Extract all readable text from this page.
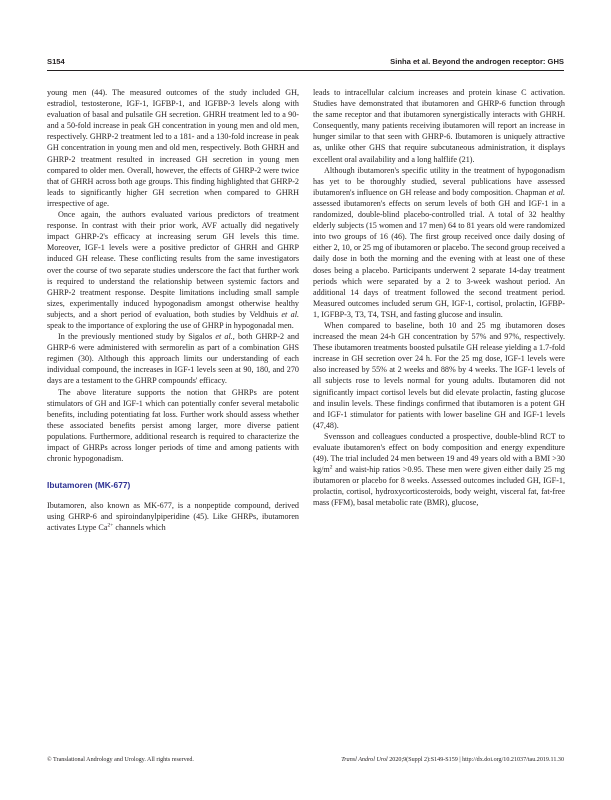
S154	Sinha et al. Beyond the androgen receptor: GHS

young men (44). The measured outcomes of the study included GH, estradiol, testosterone, IGF-1, IGFBP-1, and IGFBP-3 levels along with evaluation of basal and pulsatile GH secretion. GHRH treatment led to a 90- and a 50-fold increase in peak GH concentration in young men and old men, respectively. GHRP-2 treatment led to a 181- and a 130-fold increase in peak GH concentration in young men and old men, respectively. Both GHRH and GHRP-2 treatment resulted in increased GH secretion in young men compared to older men. Overall, however, the effects of GHRP-2 were twice that of GHRH across both age groups. This finding highlighted that GHRP-2 leads to significantly higher GH secretion when compared to GHRH irrespective of age.

Once again, the authors evaluated various predictors of treatment response. In contrast with their prior work, AVF actually did negatively impact GHRP-2's efficacy at increasing serum GH levels this time. Moreover, IGF-1 levels were a positive predictor of GHRH and GHRP induced GH release. These conflicting results from the same investigators over the course of two separate studies underscore the fact that further work is required to understand the relationship between systemic factors and GHRP-2 treatment response. Despite limitations including small sample sizes, experimentally induced hypogonadism amongst otherwise healthy subjects, and a short period of evaluation, both studies by Veldhuis et al. speak to the importance of exploring the use of GHRP in hypogonadal men.

In the previously mentioned study by Sigalos et al., both GHRP-2 and GHRP-6 were administered with sermorelin as part of a combination GHS regimen (30). Although this approach limits our understanding of each individual compound, the increases in IGF-1 levels seen at 90, 180, and 270 days are a testament to the GHRP compounds' efficacy.

The above literature supports the notion that GHRPs are potent stimulators of GH and IGF-1 which can potentially confer several metabolic benefits, including potentiating fat loss. Further work should assess whether these associated benefits persist among larger, more diverse patient populations. Furthermore, additional research is required to characterize the impact of GHRPs across longer periods of time and among patients with chronic hypogonadism.

Ibutamoren (MK-677)

Ibutamoren, also known as MK-677, is a nonpeptide compound, derived using GHRP-6 and spiroindanylpiperidine (45). Like GHRPs, ibutamoren activates Ltype $Ca^{2+}$ channels which

leads to intracellular calcium increases and protein kinase C activation. Studies have demonstrated that ibutamoren and GHRP-6 function through the same receptor and that ibutamoren synergistically interacts with GHRH. Consequently, many patients receiving ibutamoren will report an increase in hunger similar to that seen with GHRP-6. Ibutamoren is uniquely attractive as, unlike other GHS that require subcutaneous administration, it displays excellent oral availability and a long halflife (21).

Although ibutamoren's specific utility in the treatment of hypogonadism has yet to be thoroughly studied, several publications have assessed ibutamoren's influence on GH release and body composition. Chapman et al. assessed ibutamoren's effects on serum levels of both GH and IGF-1 in a randomized, double-blind placebo-controlled trial. A total of 32 healthy elderly subjects (15 women and 17 men) 64 to 81 years old were randomized into two groups of 16 (46). The first group received once daily dosing of either 2, 10, or 25 mg of ibutamoren or placebo. The second group received a daily dose in both the morning and the evening with at least one of these doses being a placebo. Participants underwent 2 separate 14-day treatment periods which were separated by a 2 to 3-week washout period. An additional 14 days of treatment followed the second treatment period. Measured outcomes included serum GH, IGF-1, cortisol, prolactin, IGFBP-1, IGFBP-3, T3, T4, TSH, and fasting glucose and insulin.

When compared to baseline, both 10 and 25 mg ibutamoren doses increased the mean 24-h GH concentration by 57% and 97%, respectively. These ibutamoren treatments boosted pulsatile GH release yielding a 1.7-fold increase in GH secretion over 24 h. For the 25 mg dose, IGF-1 levels were also increased by 55% at 2 weeks and 88% by 4 weeks. The IGF-1 levels of all subjects rose to levels normal for young adults. Ibutamoren did not significantly impact cortisol levels but did elevate prolactin, fasting glucose and insulin levels. These findings confirmed that ibutamoren is a potent GH and IGF-1 stimulator for patients with lower baseline GH and IGF-1 levels (47,48).

Svensson and colleagues conducted a prospective, double-blind RCT to evaluate ibutamoren's effect on body composition and energy expenditure (49). The trial included 24 men between 19 and 49 years old with a BMI >30 $kg/m^2$ and waist-hip ratios >0.95. These men were given either daily 25 mg ibutamoren or placebo for 8 weeks. Assessed outcomes included GH, IGF-1, prolactin, cortisol, hydroxycorticosteroids, body weight, visceral fat, fat-free mass (FFM), basal metabolic rate (BMR), glucose,

© Translational Andrology and Urology. All rights reserved.	Transl Androl Urol 2020;9(Suppl 2):S149-S159 | http://dx.doi.org/10.21037/tau.2019.11.30
